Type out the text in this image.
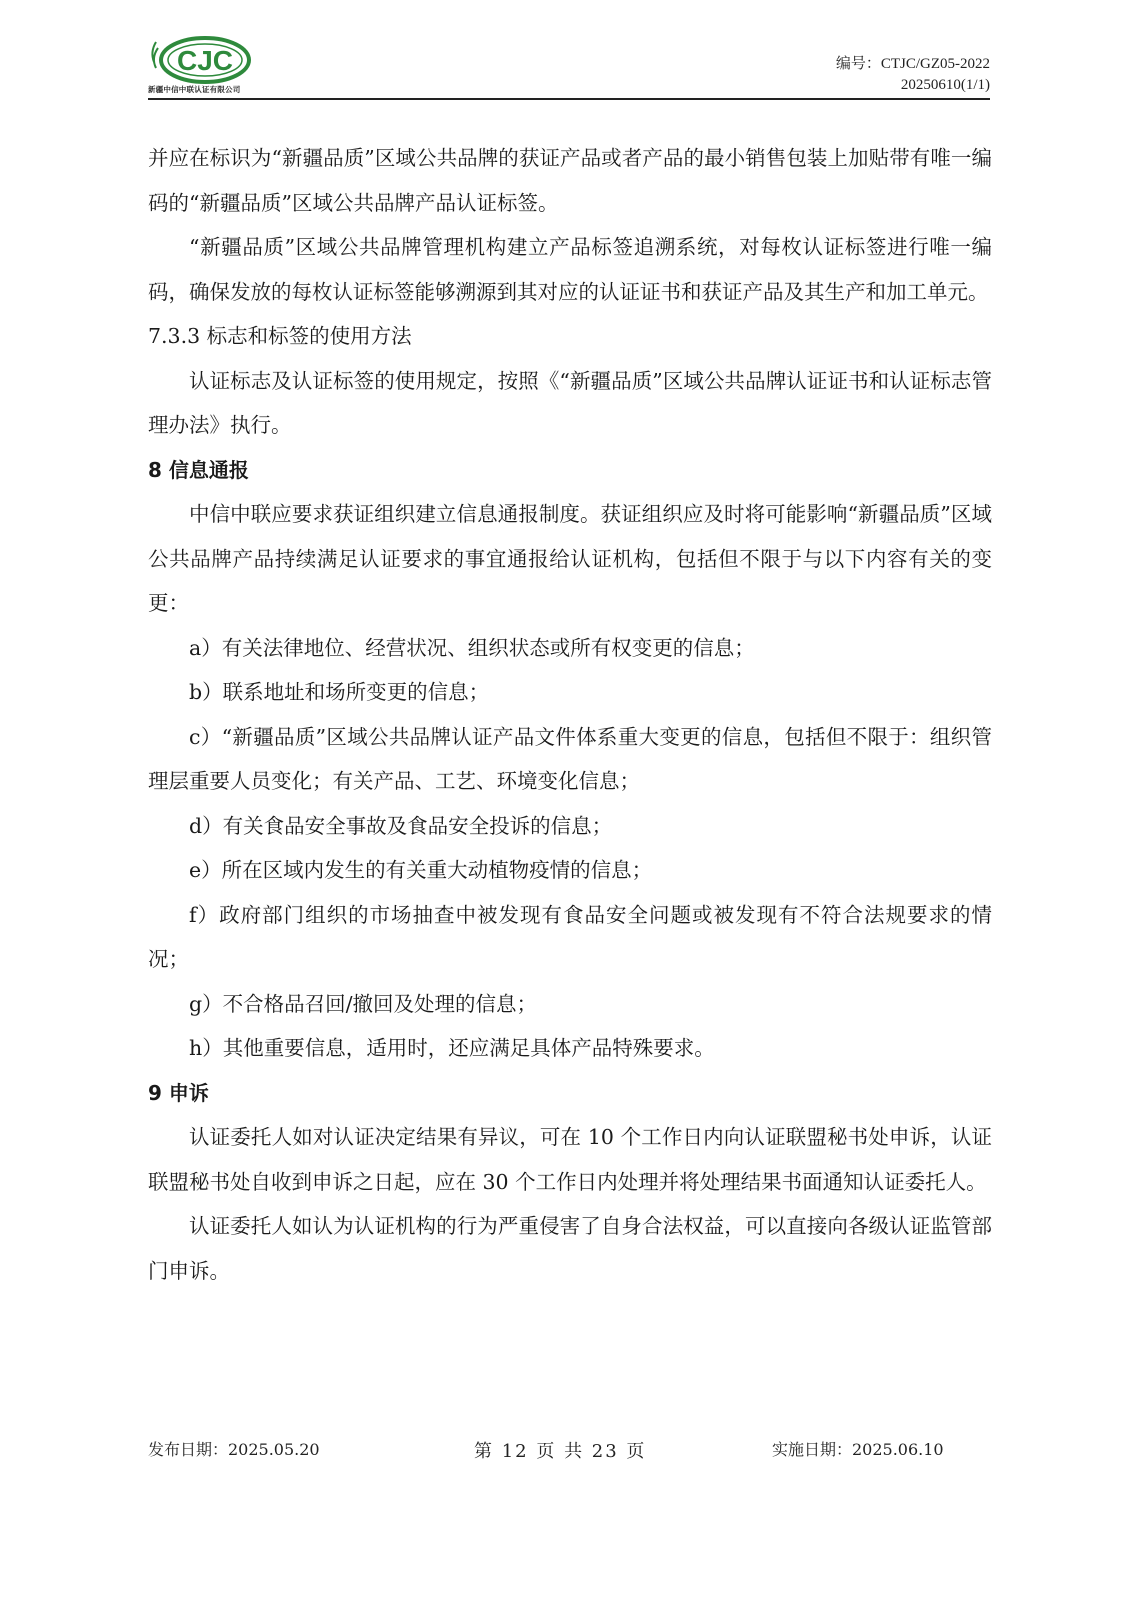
CJC
新疆中信中联认证有限公司
编号：CTJC/GZ05-2022
20250610(1/1)

并应在标识为“新疆品质”区域公共品牌的获证产品或者产品的最小销售包装上加贴带有唯一编码的“新疆品质”区域公共品牌产品认证标签。

“新疆品质”区域公共品牌管理机构建立产品标签追溯系统，对每枚认证标签进行唯一编码，确保发放的每枚认证标签能够溯源到其对应的认证证书和获证产品及其生产和加工单元。

7.3.3 标志和标签的使用方法

认证标志及认证标签的使用规定，按照《“新疆品质”区域公共品牌认证证书和认证标志管理办法》执行。

8 信息通报

中信中联应要求获证组织建立信息通报制度。获证组织应及时将可能影响“新疆品质”区域公共品牌产品持续满足认证要求的事宜通报给认证机构，包括但不限于与以下内容有关的变更：

a）有关法律地位、经营状况、组织状态或所有权变更的信息；

b）联系地址和场所变更的信息；

c）“新疆品质”区域公共品牌认证产品文件体系重大变更的信息，包括但不限于：组织管理层重要人员变化；有关产品、工艺、环境变化信息；

d）有关食品安全事故及食品安全投诉的信息；

e）所在区域内发生的有关重大动植物疫情的信息；

f）政府部门组织的市场抽查中被发现有食品安全问题或被发现有不符合法规要求的情况；

g）不合格品召回/撤回及处理的信息；

h）其他重要信息，适用时，还应满足具体产品特殊要求。

9 申诉

认证委托人如对认证决定结果有异议，可在 10 个工作日内向认证联盟秘书处申诉，认证联盟秘书处自收到申诉之日起，应在 30 个工作日内处理并将处理结果书面通知认证委托人。

认证委托人如认为认证机构的行为严重侵害了自身合法权益，可以直接向各级认证监管部门申诉。

发布日期：2025.05.20	第 12 页 共 23 页	实施日期：2025.06.10
